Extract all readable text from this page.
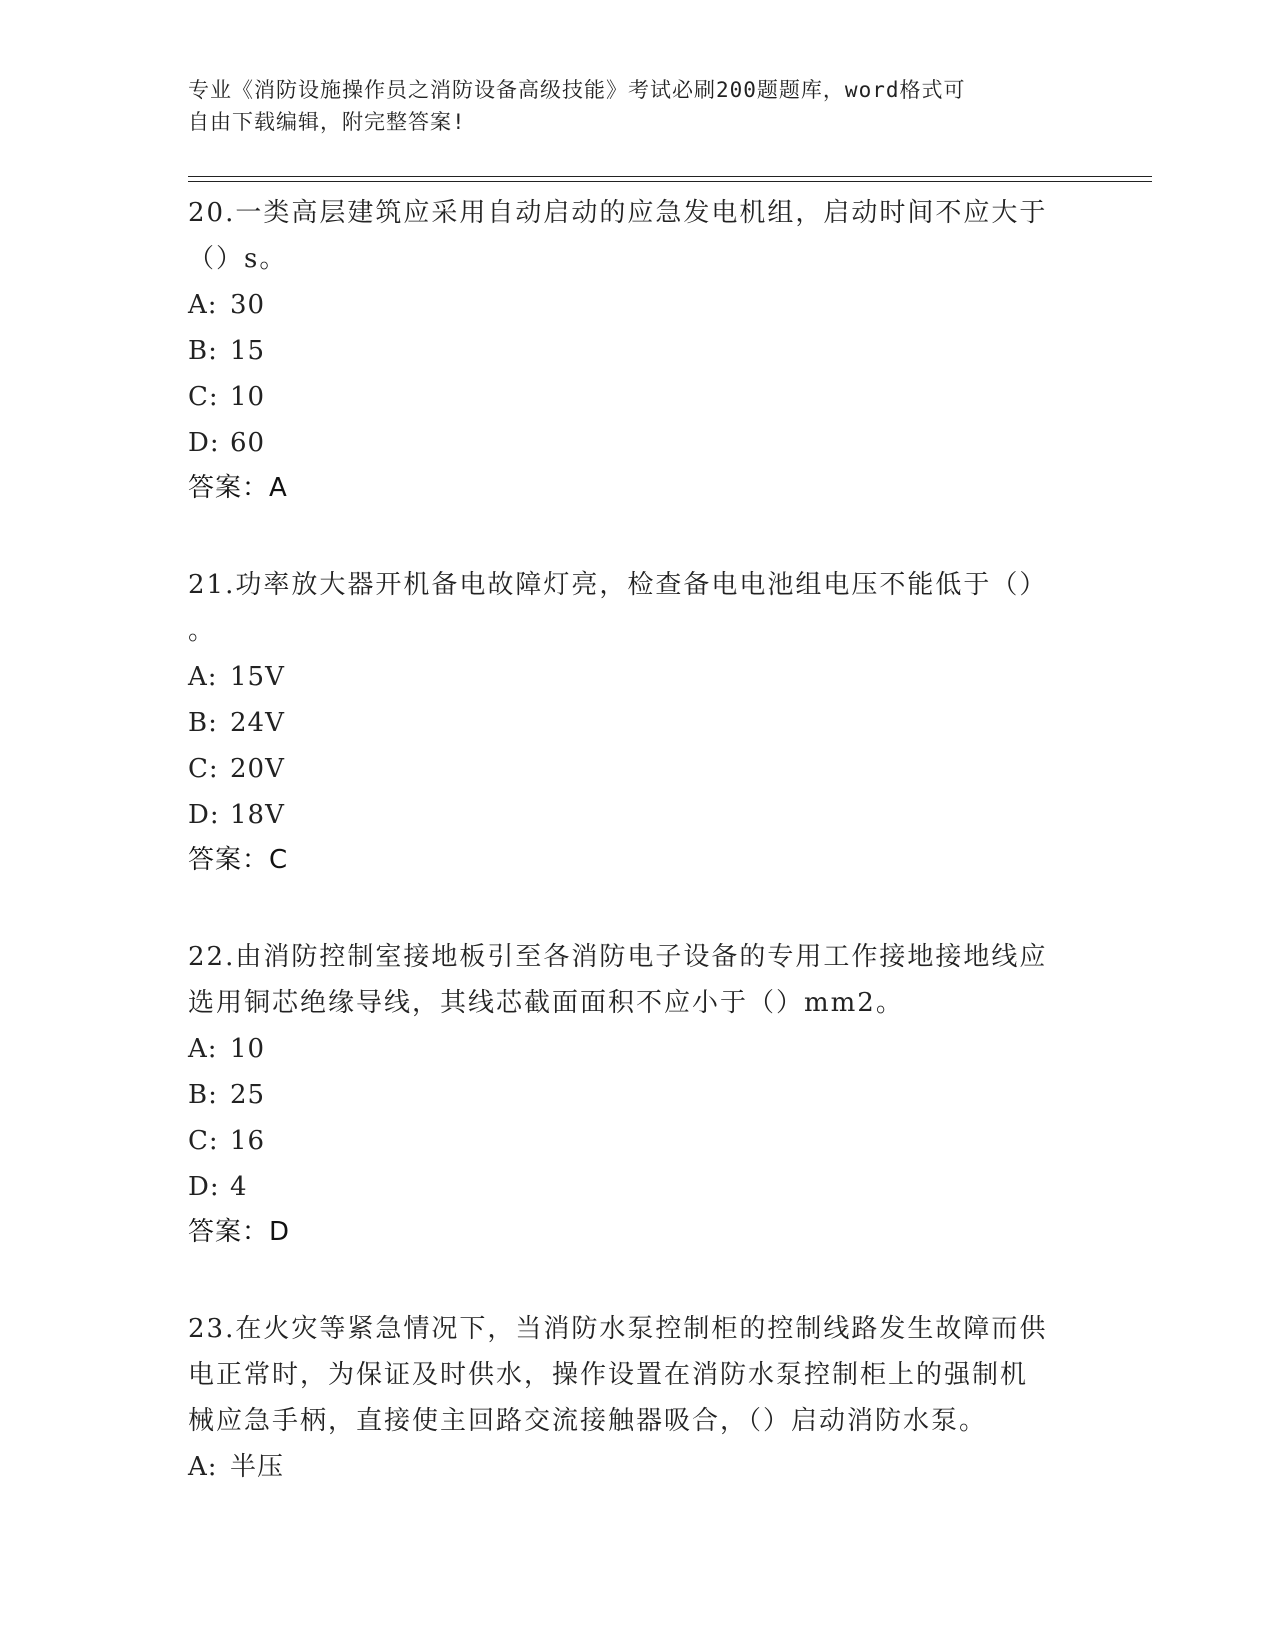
专业《消防设施操作员之消防设备高级技能》考试必刷200题题库，word格式可
自由下载编辑，附完整答案!

20.一类高层建筑应采用自动启动的应急发电机组，启动时间不应大于

（）s。

A: 30

B: 15

C: 10

D: 60

答案：A

21.功率放大器开机备电故障灯亮，检查备电电池组电压不能低于（）

。

A: 15V

B: 24V

C: 20V

D: 18V

答案：C

22.由消防控制室接地板引至各消防电子设备的专用工作接地接地线应

选用铜芯绝缘导线，其线芯截面面积不应小于（）mm2。

A: 10

B: 25

C: 16

D: 4

答案：D

23.在火灾等紧急情况下，当消防水泵控制柜的控制线路发生故障而供

电正常时，为保证及时供水，操作设置在消防水泵控制柜上的强制机

械应急手柄，直接使主回路交流接触器吸合，（）启动消防水泵。

A: 半压
